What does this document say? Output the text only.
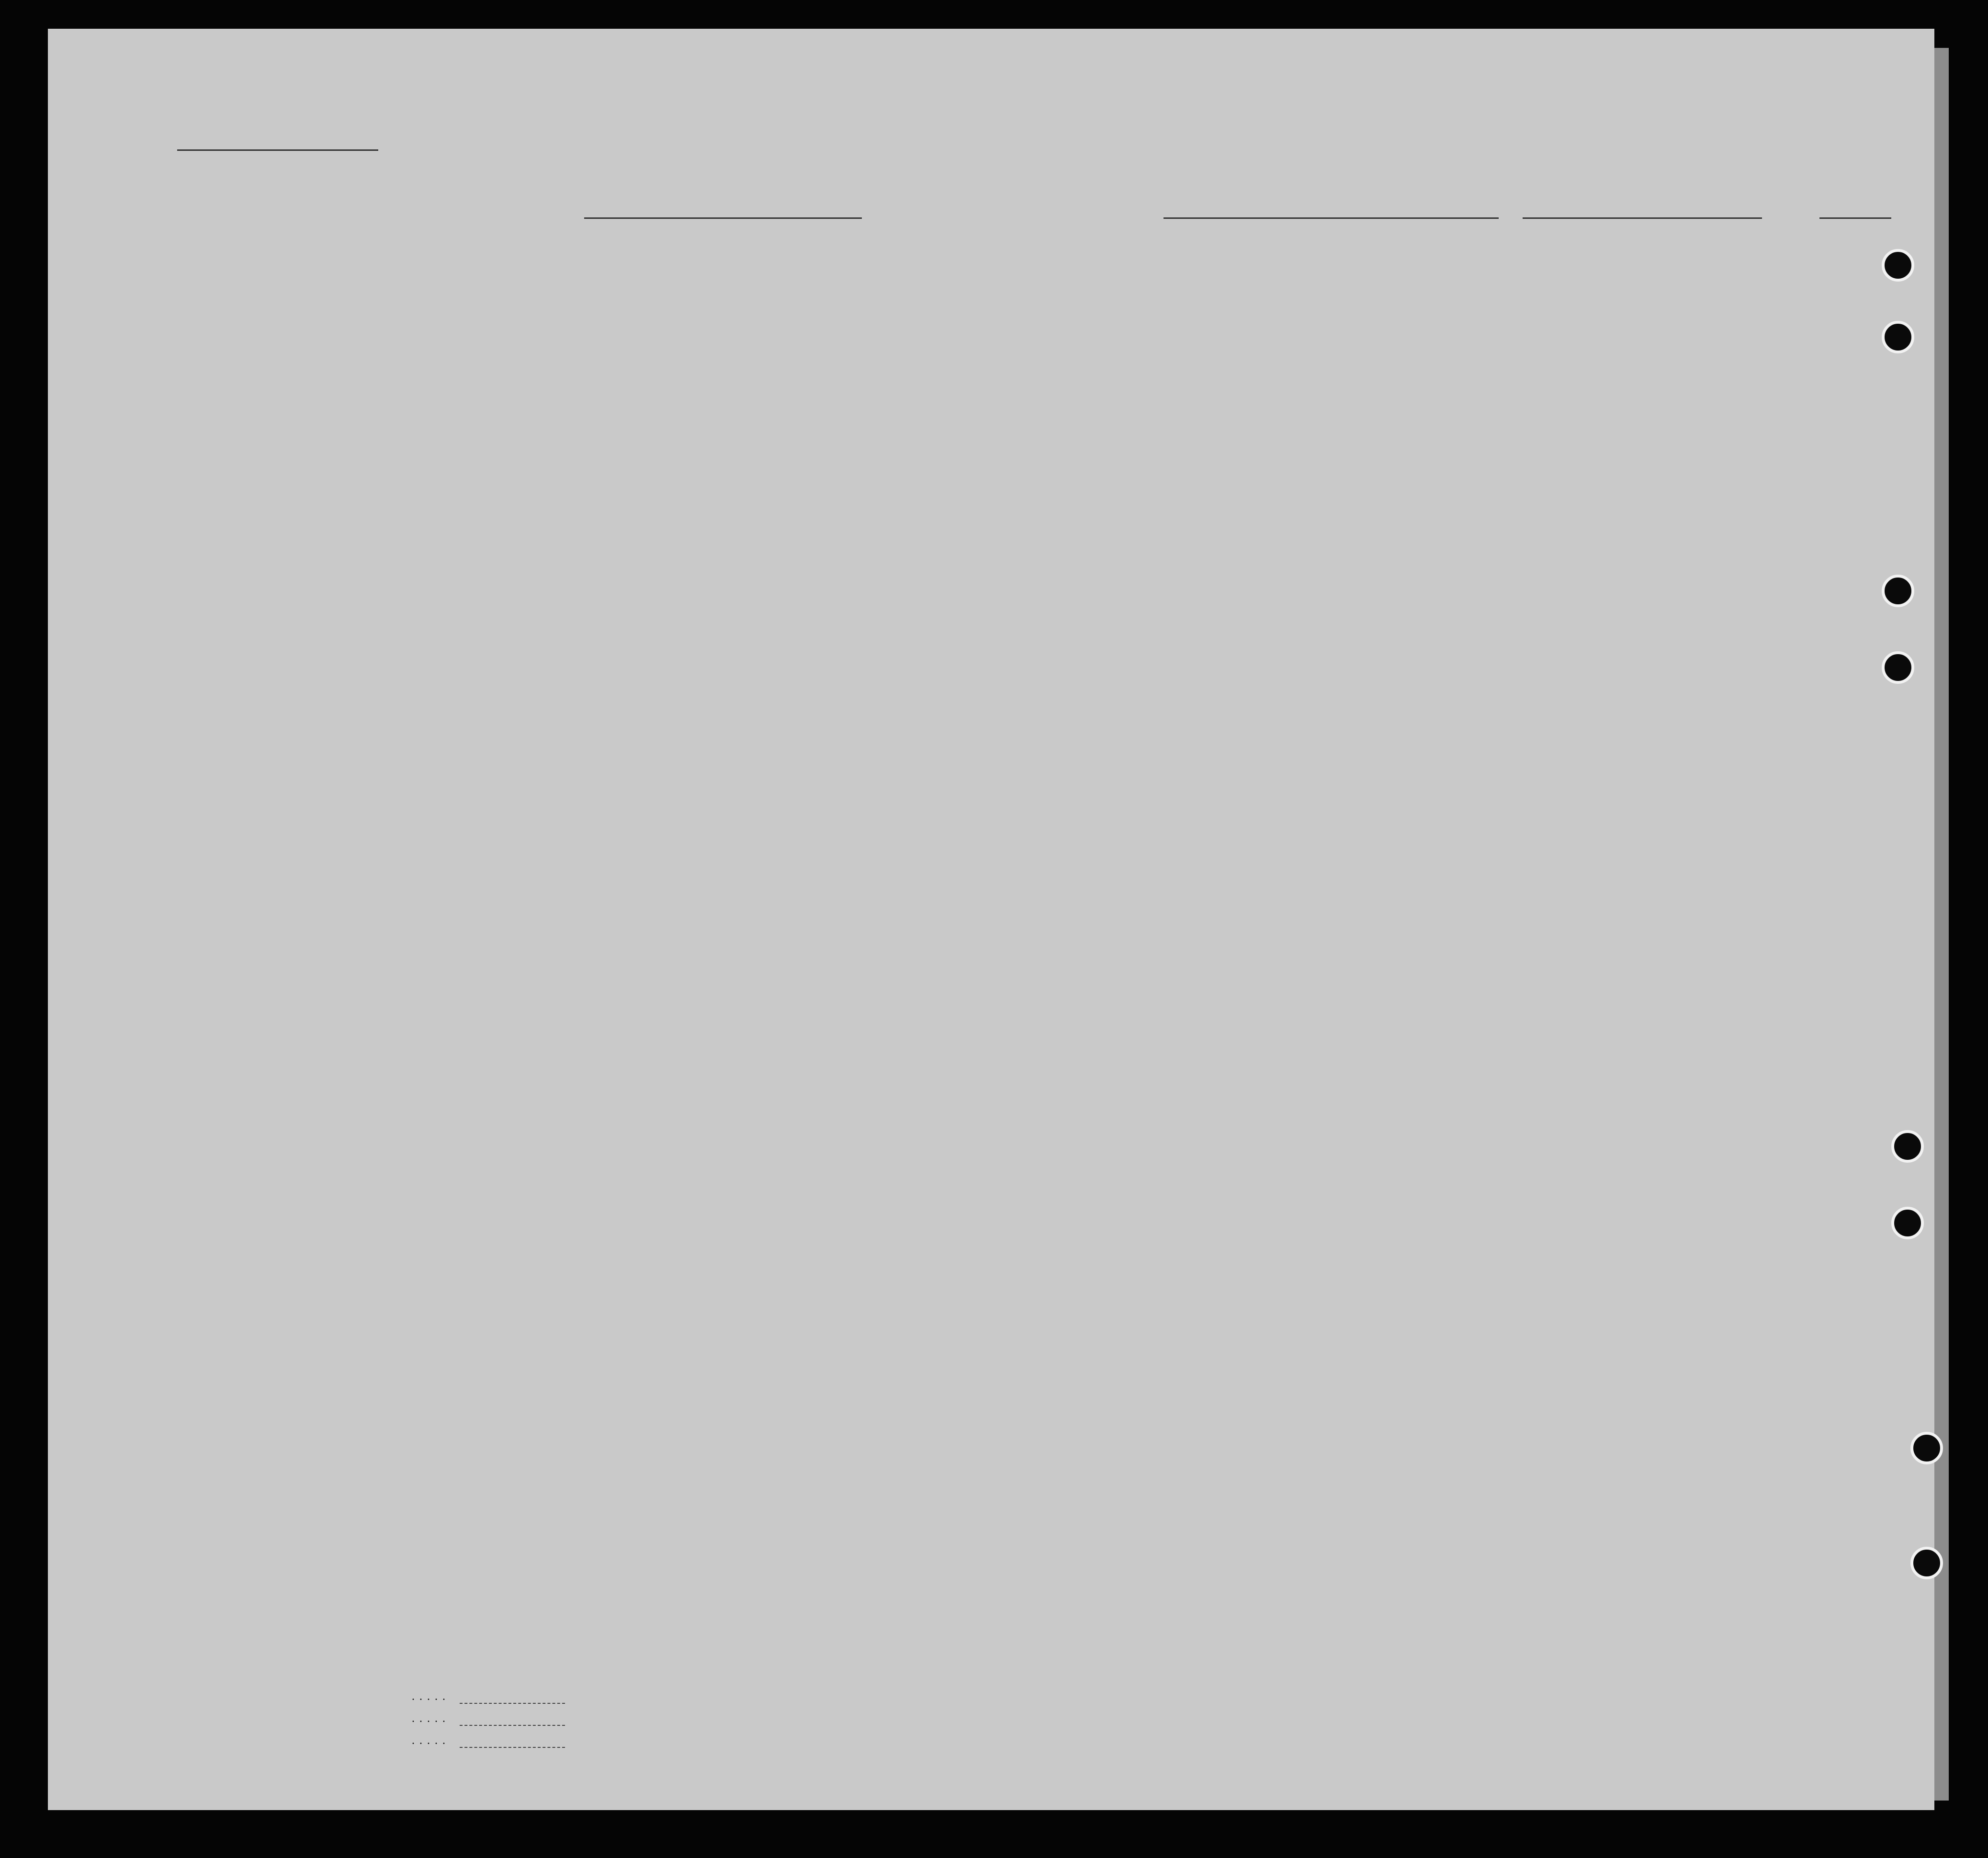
.....
.....
.....
